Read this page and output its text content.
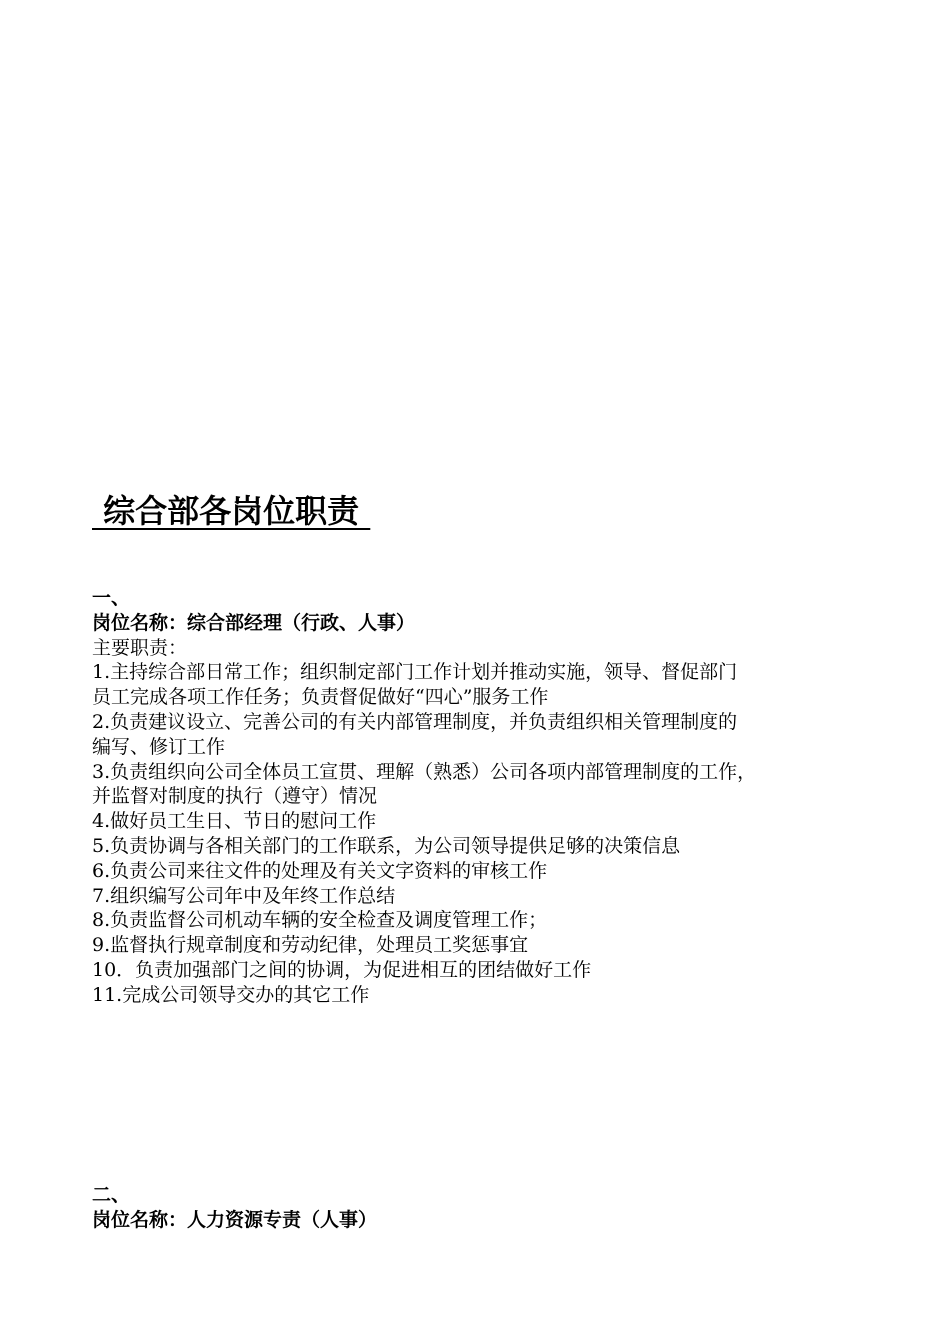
综合部各岗位职责
一、
岗位名称：综合部经理（行政、人事）
主要职责：
1.主持综合部日常工作；组织制定部门工作计划并推动实施，领导、督促部门
员工完成各项工作任务；负责督促做好“四心”服务工作
2.负责建议设立、完善公司的有关内部管理制度，并负责组织相关管理制度的
编写、修订工作
3.负责组织向公司全体员工宣贯、理解（熟悉）公司各项内部管理制度的工作，
并监督对制度的执行（遵守）情况
4.做好员工生日、节日的慰问工作
5.负责协调与各相关部门的工作联系，为公司领导提供足够的决策信息
6.负责公司来往文件的处理及有关文字资料的审核工作
7.组织编写公司年中及年终工作总结
8.负责监督公司机动车辆的安全检查及调度管理工作；
9.监督执行规章制度和劳动纪律，处理员工奖惩事宜
10．负责加强部门之间的协调，为促进相互的团结做好工作
11.完成公司领导交办的其它工作
二、
岗位名称：人力资源专责（人事）
